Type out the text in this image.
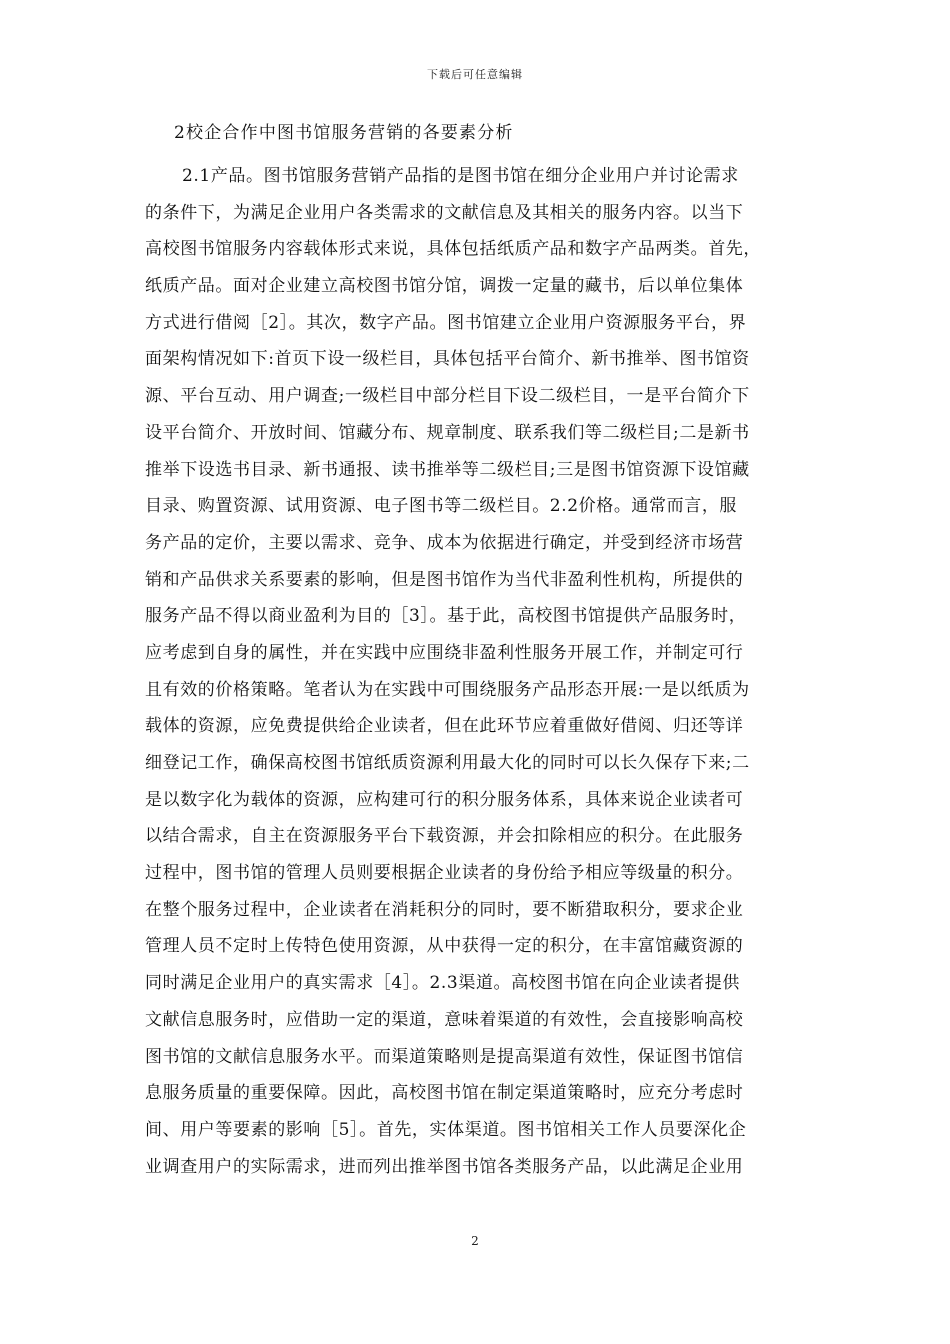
下载后可任意编辑
2校企合作中图书馆服务营销的各要素分析
2.1产品。图书馆服务营销产品指的是图书馆在细分企业用户并讨论需求
的条件下，为满足企业用户各类需求的文献信息及其相关的服务内容。以当下
高校图书馆服务内容载体形式来说，具体包括纸质产品和数字产品两类。首先，
纸质产品。面对企业建立高校图书馆分馆，调拨一定量的藏书，后以单位集体
方式进行借阅［2］。其次，数字产品。图书馆建立企业用户资源服务平台，界
面架构情况如下:首页下设一级栏目，具体包括平台简介、新书推举、图书馆资
源、平台互动、用户调查;一级栏目中部分栏目下设二级栏目，一是平台简介下
设平台简介、开放时间、馆藏分布、规章制度、联系我们等二级栏目;二是新书
推举下设选书目录、新书通报、读书推举等二级栏目;三是图书馆资源下设馆藏
目录、购置资源、试用资源、电子图书等二级栏目。2.2价格。通常而言，服
务产品的定价，主要以需求、竞争、成本为依据进行确定，并受到经济市场营
销和产品供求关系要素的影响，但是图书馆作为当代非盈利性机构，所提供的
服务产品不得以商业盈利为目的［3］。基于此，高校图书馆提供产品服务时，
应考虑到自身的属性，并在实践中应围绕非盈利性服务开展工作，并制定可行
且有效的价格策略。笔者认为在实践中可围绕服务产品形态开展:一是以纸质为
载体的资源，应免费提供给企业读者，但在此环节应着重做好借阅、归还等详
细登记工作，确保高校图书馆纸质资源利用最大化的同时可以长久保存下来;二
是以数字化为载体的资源，应构建可行的积分服务体系，具体来说企业读者可
以结合需求，自主在资源服务平台下载资源，并会扣除相应的积分。在此服务
过程中，图书馆的管理人员则要根据企业读者的身份给予相应等级量的积分。
在整个服务过程中，企业读者在消耗积分的同时，要不断猎取积分，要求企业
管理人员不定时上传特色使用资源，从中获得一定的积分，在丰富馆藏资源的
同时满足企业用户的真实需求［4］。2.3渠道。高校图书馆在向企业读者提供
文献信息服务时，应借助一定的渠道，意味着渠道的有效性，会直接影响高校
图书馆的文献信息服务水平。而渠道策略则是提高渠道有效性，保证图书馆信
息服务质量的重要保障。因此，高校图书馆在制定渠道策略时，应充分考虑时
间、用户等要素的影响［5］。首先，实体渠道。图书馆相关工作人员要深化企
业调查用户的实际需求，进而列出推举图书馆各类服务产品，以此满足企业用
2
